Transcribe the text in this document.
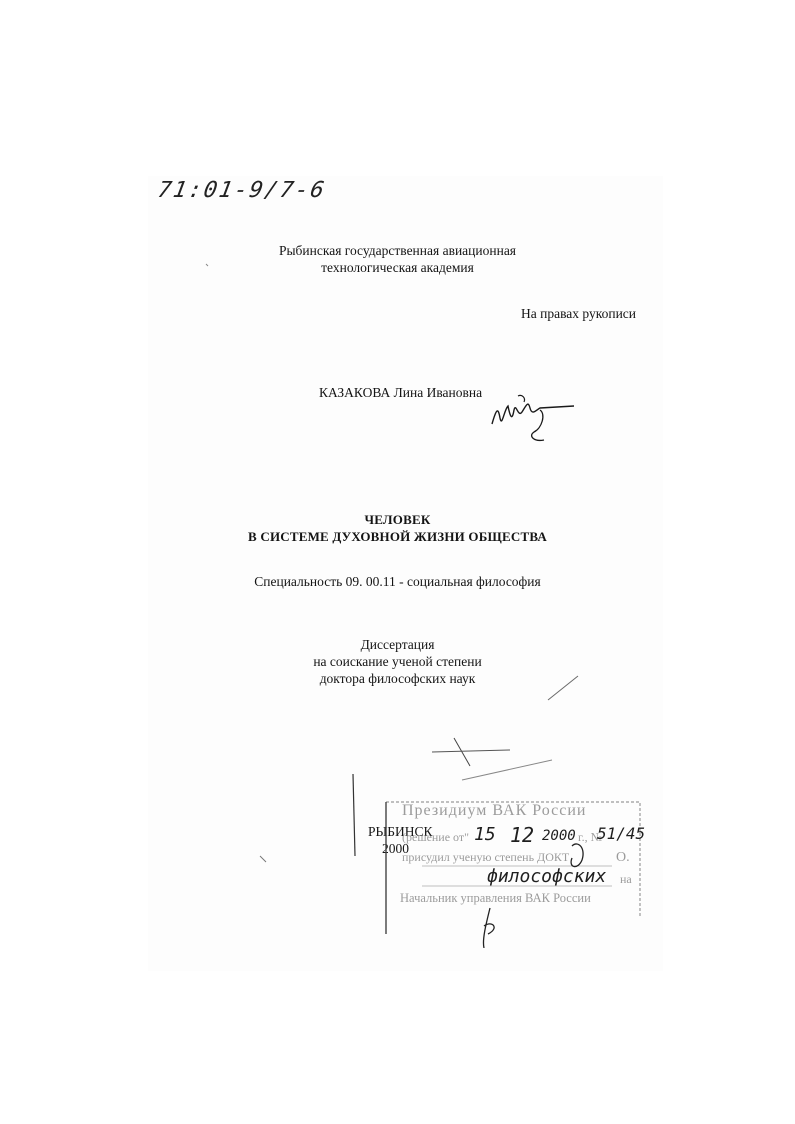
71:01-9/7-6
Рыбинская государственная авиационная
технологическая академия
На правах рукописи
КАЗАКОВА Лина Ивановна
ЧЕЛОВЕК
В СИСТЕМЕ ДУХОВНОЙ ЖИЗНИ ОБЩЕСТВА
Специальность 09. 00.11 - социальная философия
Диссертация
на соискание ученой степени
доктора философских наук
РЫБИНСК
2000
Президиум ВАК России
(решение от" 15 12 2000 г., №
51/45
присудил ученую степень ДОКТ	О.
философских на
Начальник управления ВАК России
